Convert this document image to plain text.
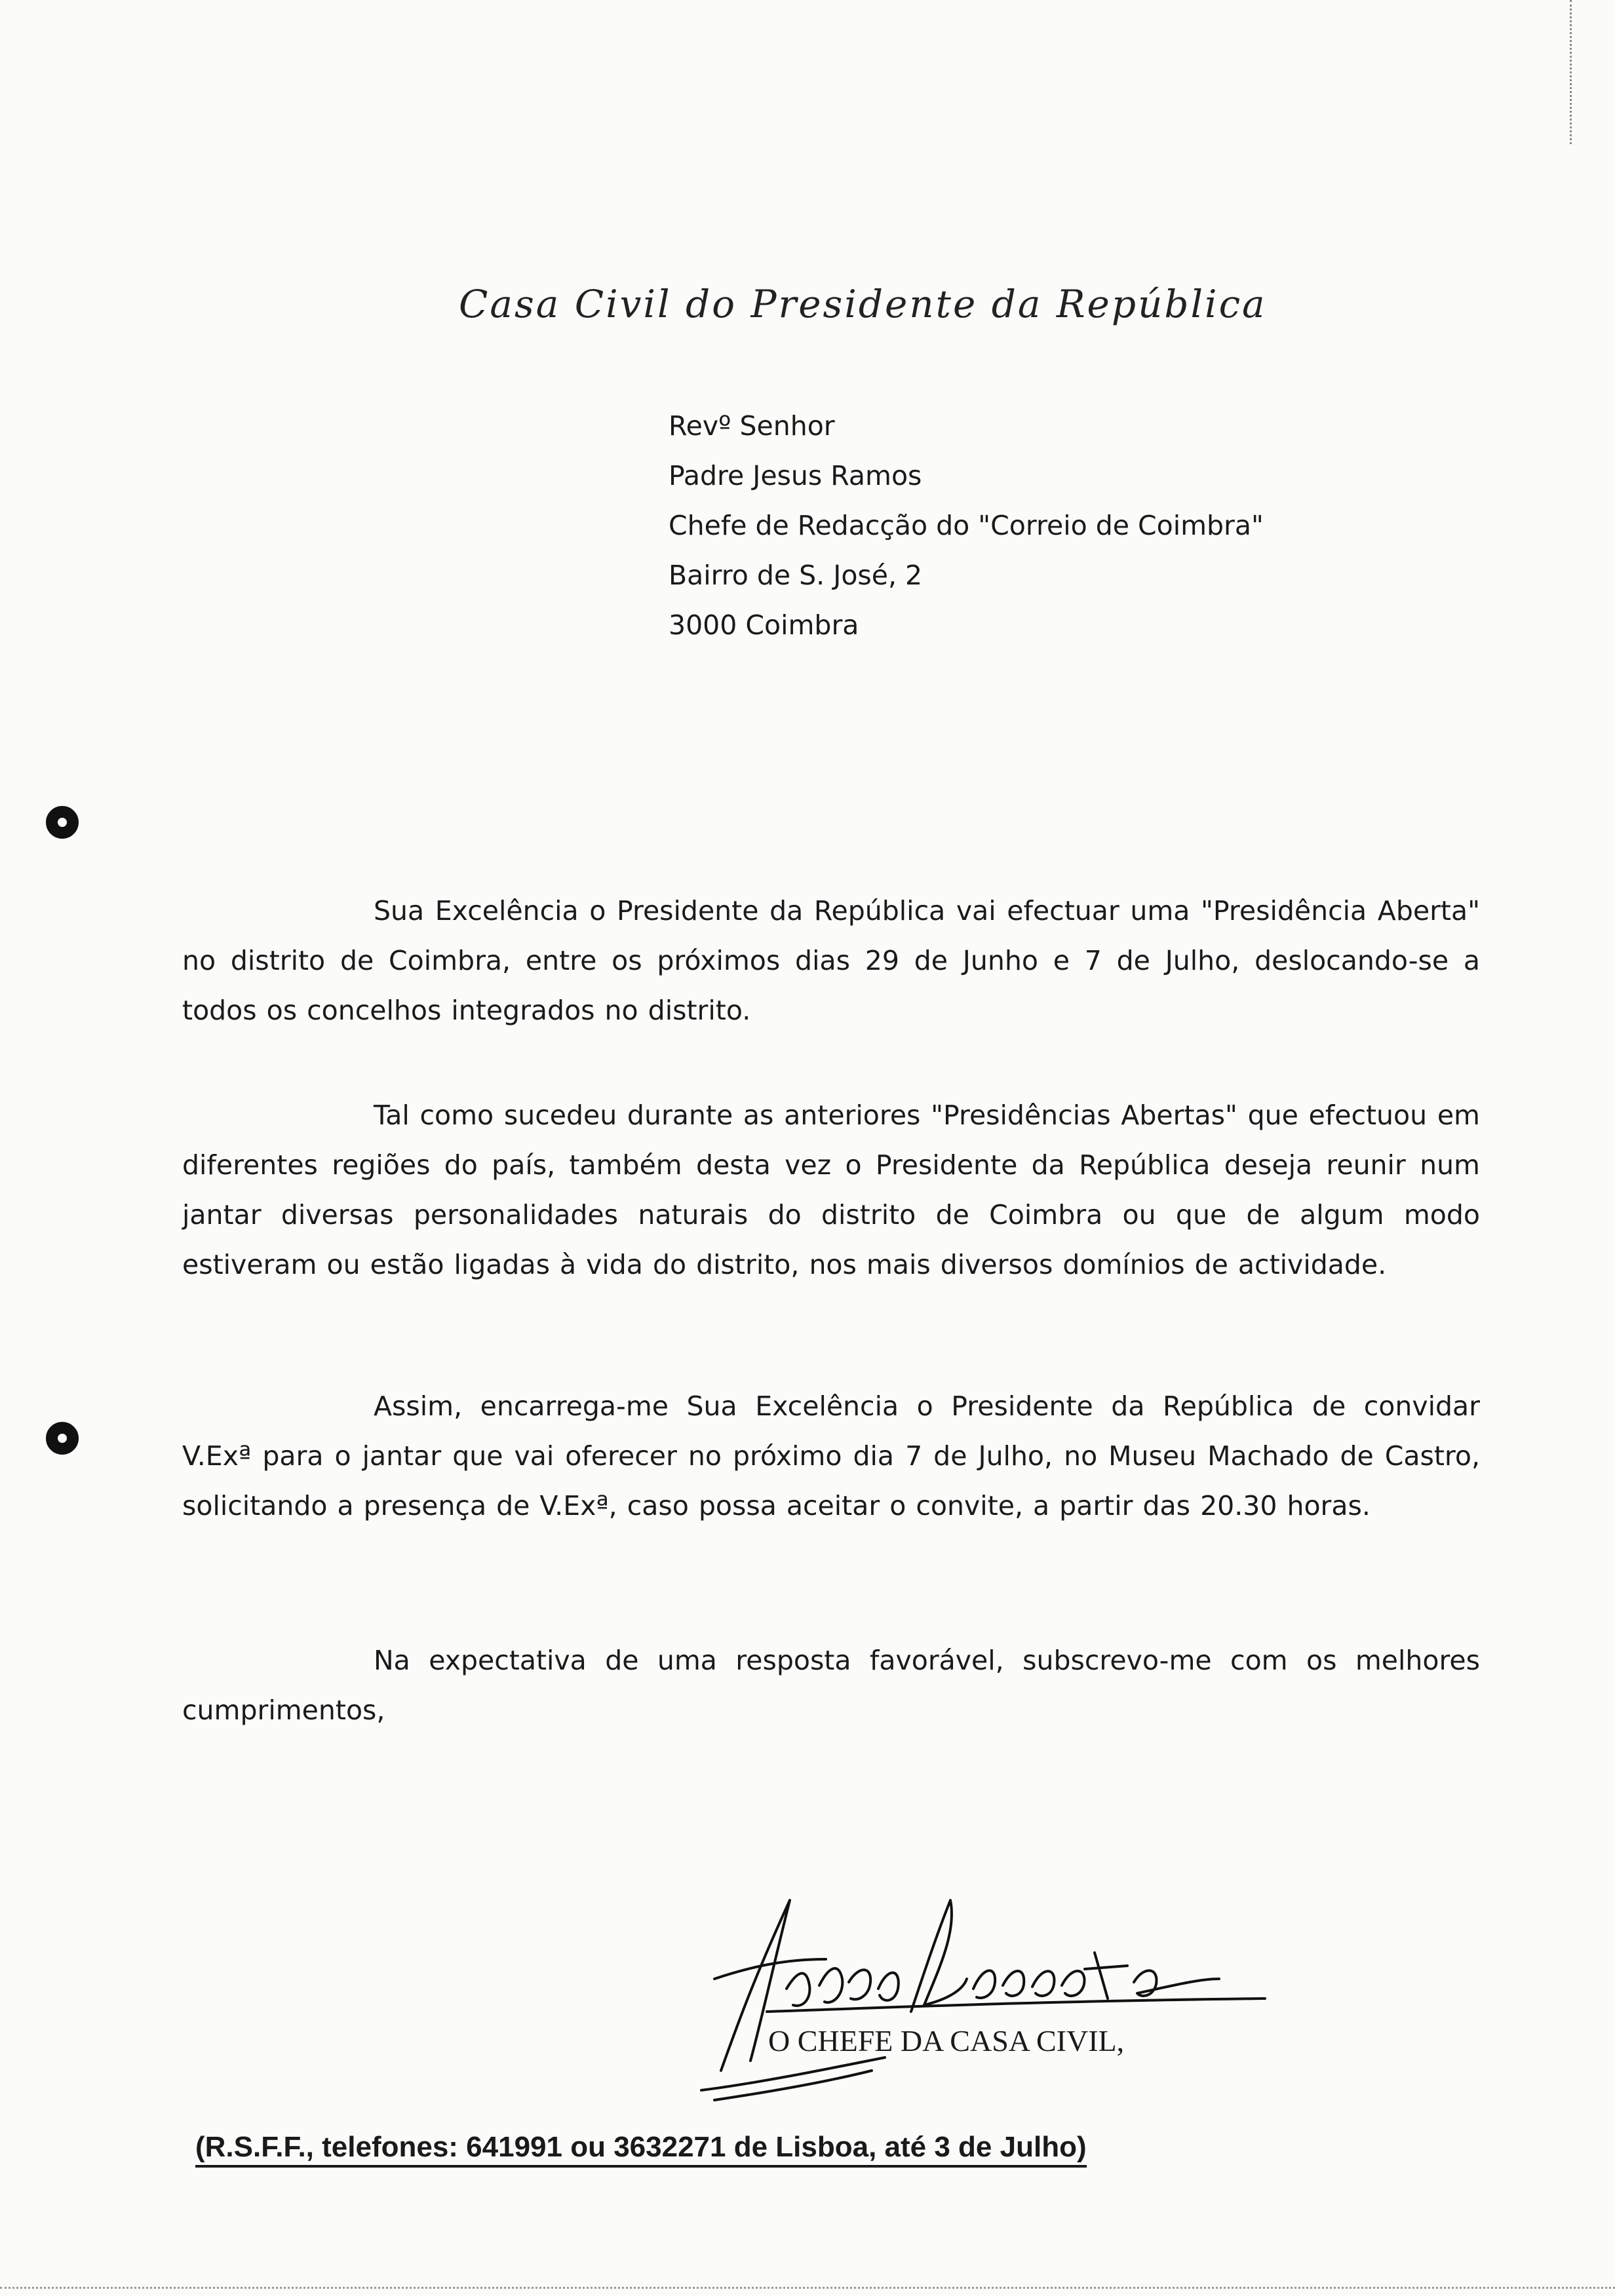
Casa Civil do Presidente da República
Revº Senhor
Padre Jesus Ramos
Chefe de Redacção do "Correio de Coimbra"
Bairro de S. José, 2
3000 Coimbra

Sua Excelência o Presidente da República vai efectuar uma "Presidência Aberta" no distrito de Coimbra, entre os próximos dias 29 de Junho e 7 de Julho, deslocando-se a todos os concelhos integrados no distrito.

Tal como sucedeu durante as anteriores "Presidências Abertas" que efectuou em diferentes regiões do país, também desta vez o Presidente da República deseja reunir num jantar diversas personalidades naturais do distrito de Coimbra ou que de algum modo estiveram ou estão ligadas à vida do distrito, nos mais diversos domínios de actividade.

Assim, encarrega-me Sua Excelência o Presidente da República de convidar V.Exª para o jantar que vai oferecer no próximo dia 7 de Julho, no Museu Machado de Castro, solicitando a presença de V.Exª, caso possa aceitar o convite, a partir das 20.30 horas.

Na expectativa de uma resposta favorável, subscrevo-me com os melhores cumprimentos,

O CHEFE DA CASA CIVIL,
(R.S.F.F., telefones: 641991 ou 3632271 de Lisboa, até 3 de Julho)
